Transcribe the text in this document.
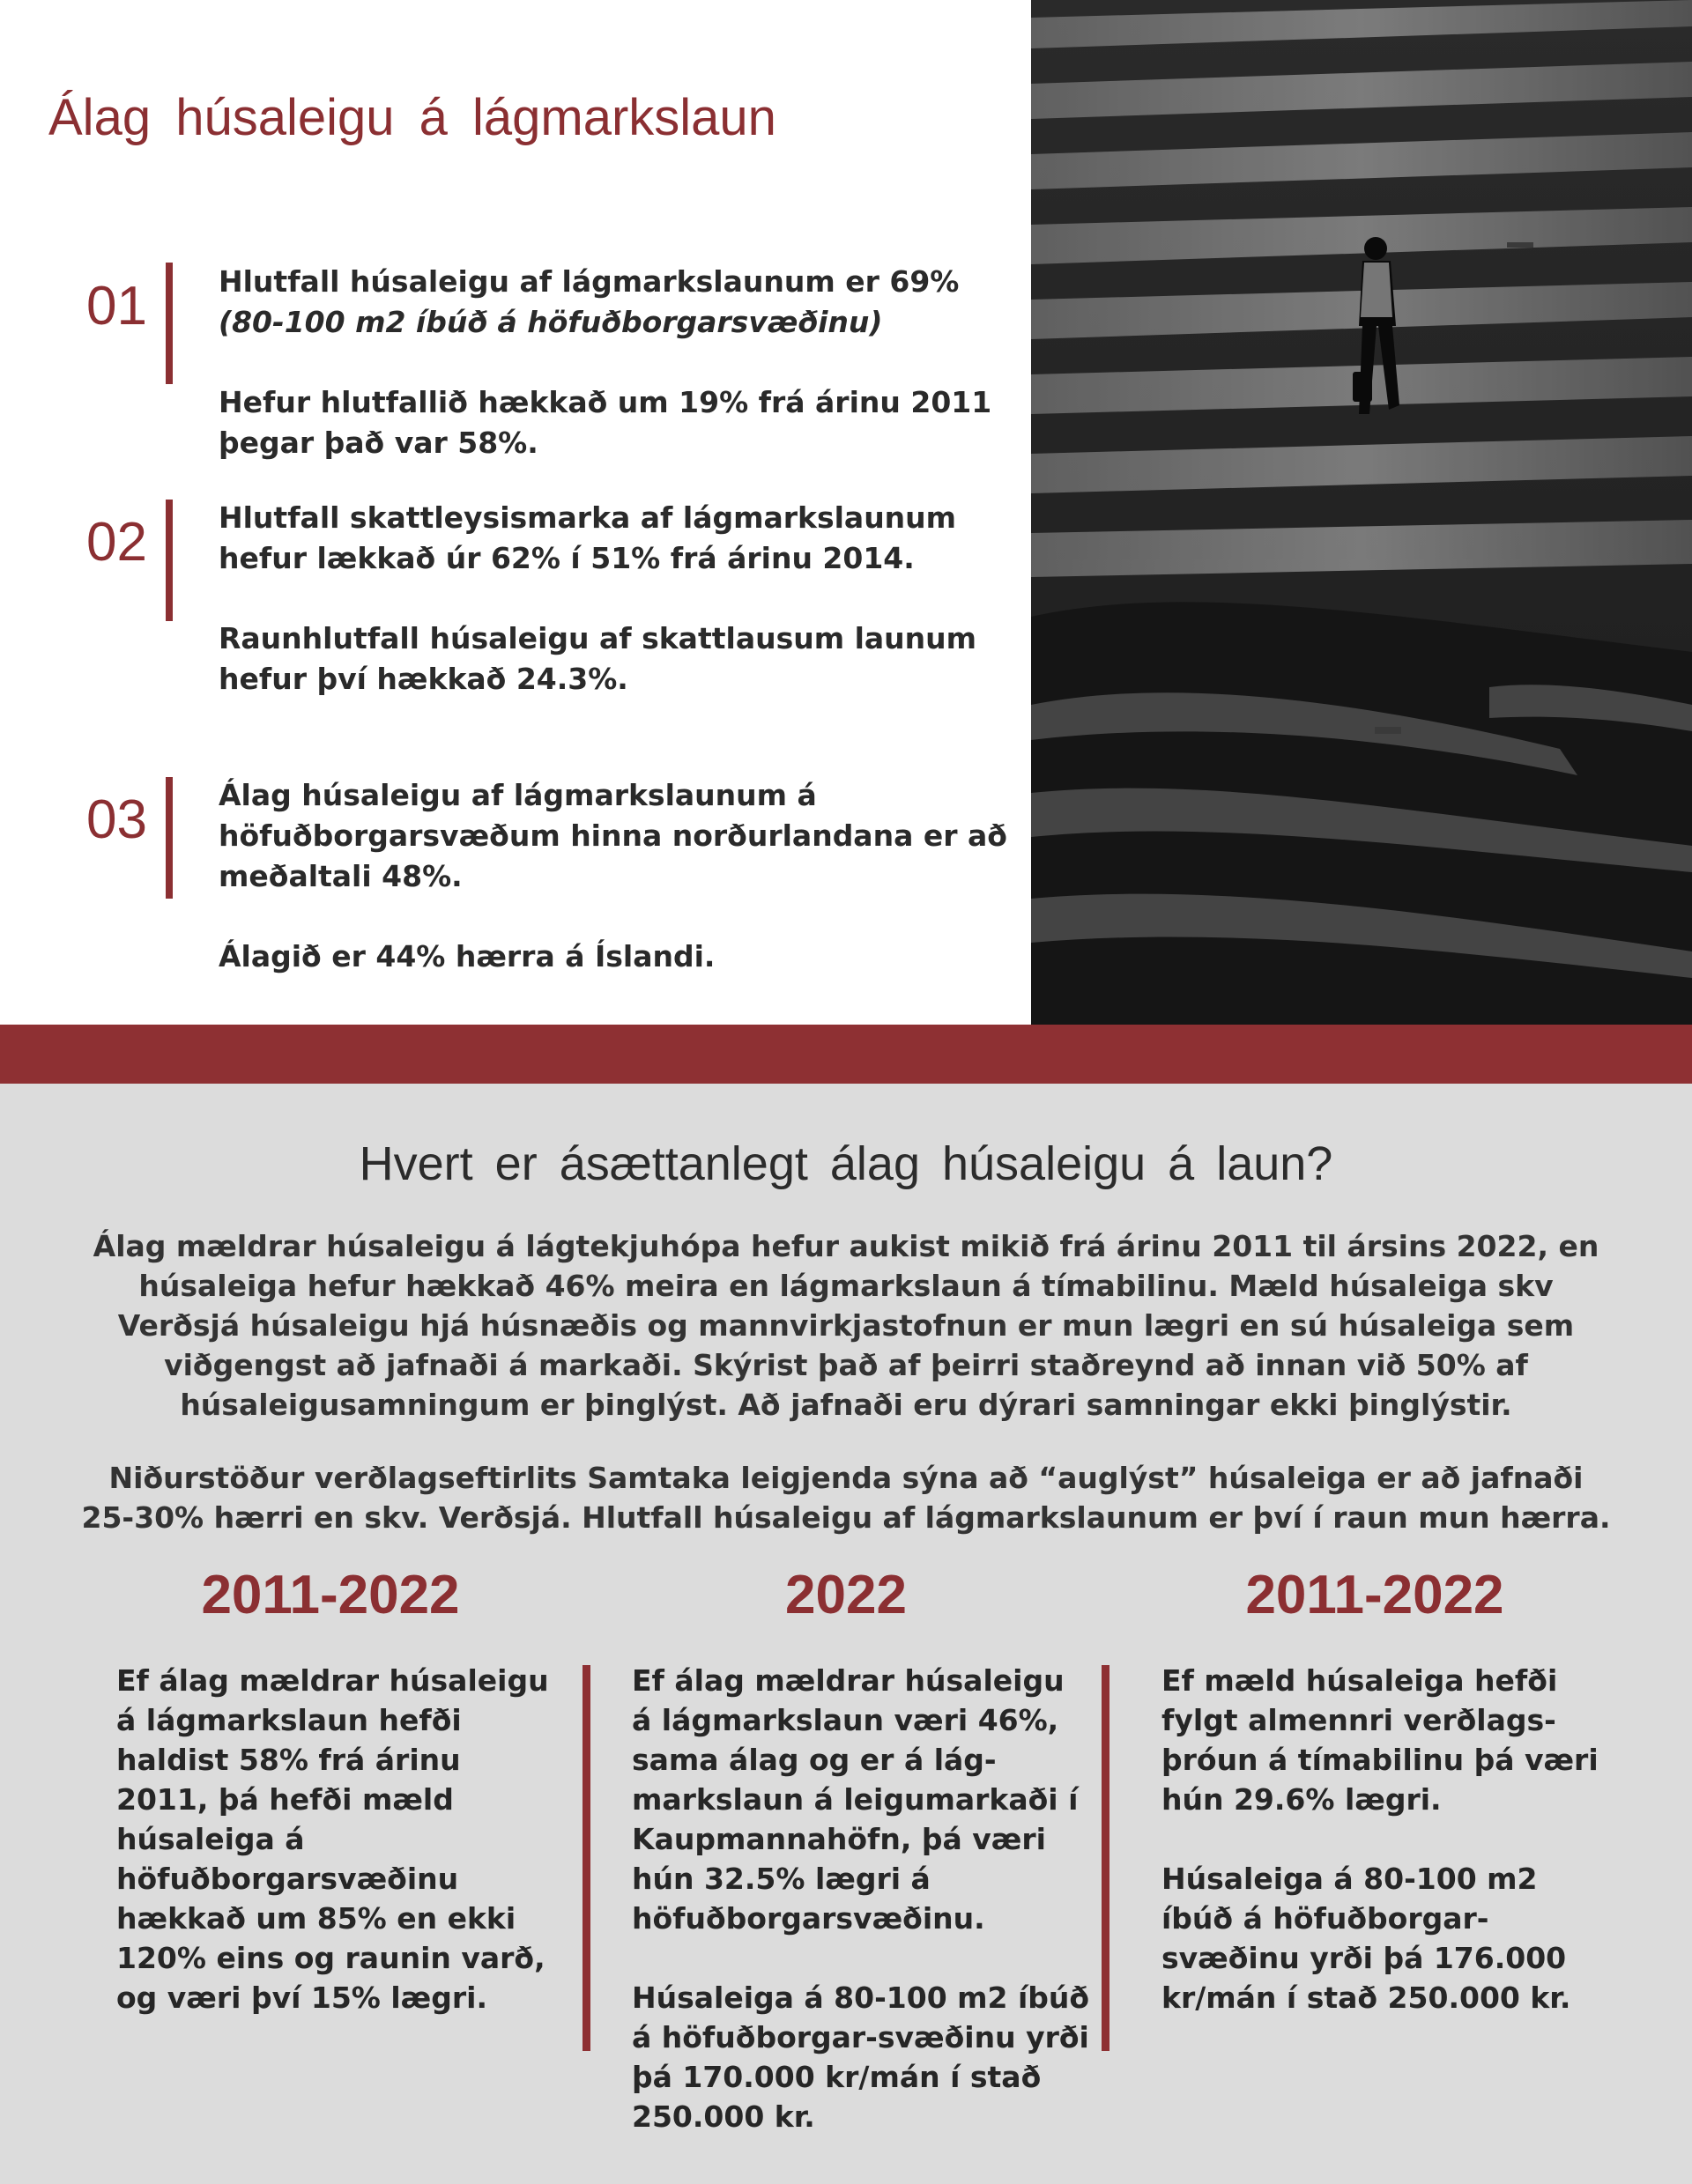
Álag húsaleigu á lágmarkslaun
01 Hlutfall húsaleigu af lágmarkslaunum er 69%

(80-100 m2 íbúð á höfuðborgarsvæðinu)

Hefur hlutfallið hækkað um 19% frá árinu 2011 þegar það var 58%.

02 Hlutfall skattleysismarka af lágmarkslaunum hefur lækkað úr 62% í 51% frá árinu 2014.

Raunhlutfall húsaleigu af skattlausum launum hefur því hækkað 24.3%.

03 Álag húsaleigu af lágmarkslaunum á höfuðborgarsvæðum hinna norðurlandana er að meðaltali 48%.

Álagið er 44% hærra á Íslandi.

Hvert er ásættanlegt álag húsaleigu á laun?

Álag mældrar húsaleigu á lágtekjuhópa hefur aukist mikið frá árinu 2011 til ársins 2022, en húsaleiga hefur hækkað 46% meira en lágmarkslaun á tímabilinu. Mæld húsaleiga skv Verðsjá húsaleigu hjá húsnæðis og mannvirkjastofnun er mun lægri en sú húsaleiga sem viðgengst að jafnaði á markaði. Skýrist það af þeirri staðreynd að innan við 50% af húsaleigusamningum er þinglýst. Að jafnaði eru dýrari samningar ekki þinglýstir.

Niðurstöður verðlagseftirlits Samtaka leigjenda sýna að “auglýst” húsaleiga er að jafnaði 25-30% hærri en skv. Verðsjá. Hlutfall húsaleigu af lágmarkslaunum er því í raun mun hærra.

2011-2022	2022	2011-2022

Ef álag mældrar húsaleigu á lágmarkslaun hefði haldist 58% frá árinu 2011, þá hefði mæld húsaleiga á höfuðborgarsvæðinu hækkað um 85% en ekki 120% eins og raunin varð, og væri því 15% lægri.

Ef álag mældrar húsaleigu á lágmarkslaun væri 46%, sama álag og er á lág-markslaun á leigumarkaði í Kaupmannahöfn, þá væri hún 32.5% lægri á höfuðborgarsvæðinu.

Húsaleiga á 80-100 m2 íbúð á höfuðborgar-svæðinu yrði þá 170.000 kr/mán í stað 250.000 kr.

Ef mæld húsaleiga hefði fylgt almennri verðlags-þróun á tímabilinu þá væri hún 29.6% lægri.

Húsaleiga á 80-100 m2 íbúð á höfuðborgar-svæðinu yrði þá 176.000 kr/mán í stað 250.000 kr.
